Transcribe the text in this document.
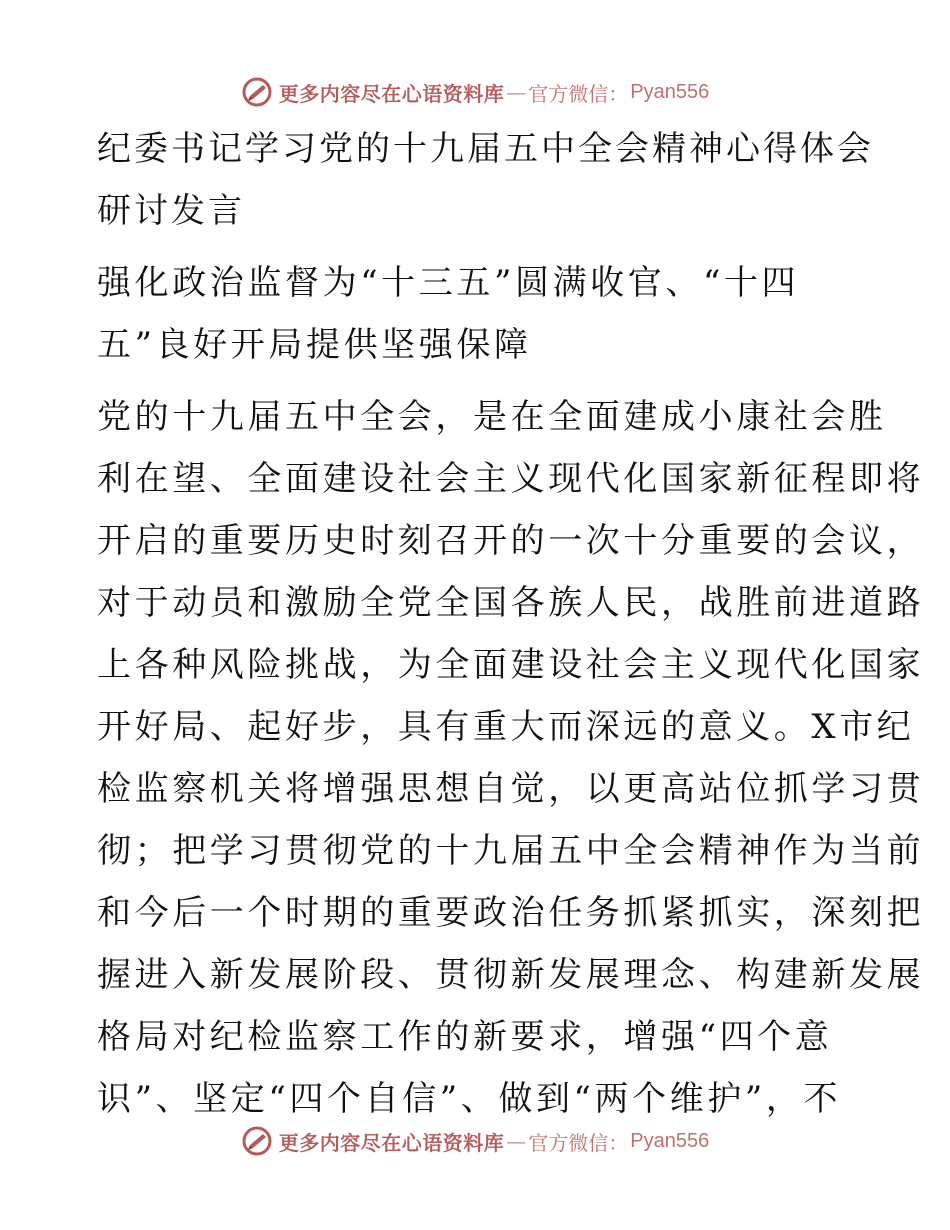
更多内容尽在心语资料库 — 官方微信： Pyan556
纪委书记学习党的十九届五中全会精神心得体会
研讨发言
强化政治监督为“十三五”圆满收官、“十四
五”良好开局提供坚强保障
党的十九届五中全会，是在全面建成小康社会胜
利在望、全面建设社会主义现代化国家新征程即将
开启的重要历史时刻召开的一次十分重要的会议，
对于动员和激励全党全国各族人民，战胜前进道路
上各种风险挑战，为全面建设社会主义现代化国家
开好局、起好步，具有重大而深远的意义。X市纪
检监察机关将增强思想自觉，以更高站位抓学习贯
彻；把学习贯彻党的十九届五中全会精神作为当前
和今后一个时期的重要政治任务抓紧抓实，深刻把
握进入新发展阶段、贯彻新发展理念、构建新发展
格局对纪检监察工作的新要求，增强“四个意
识”、坚定“四个自信”、做到“两个维护”，不
更多内容尽在心语资料库 — 官方微信： Pyan556
